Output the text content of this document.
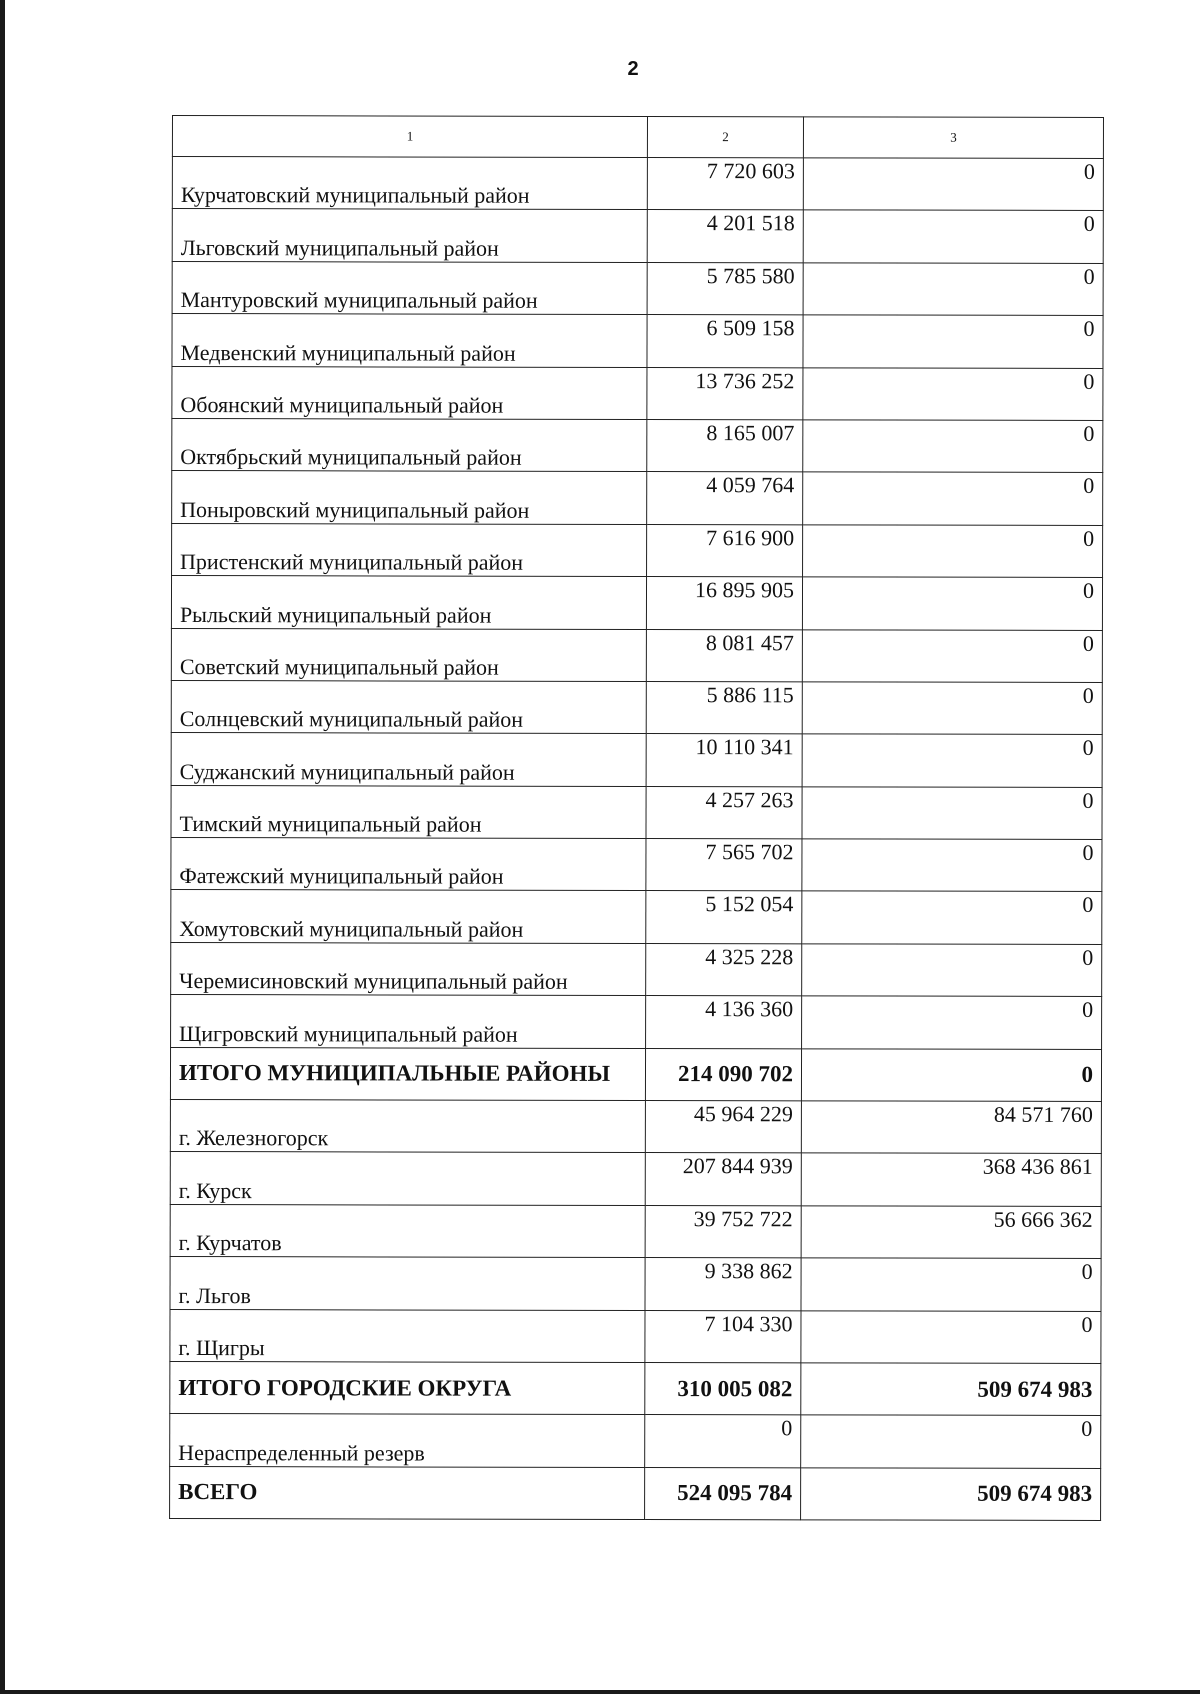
2
1	2	3
Курчатовский муниципальный район	7 720 603	0
Льговский муниципальный район	4 201 518	0
Мантуровский муниципальный район	5 785 580	0
Медвенский муниципальный район	6 509 158	0
Обоянский муниципальный район	13 736 252	0
Октябрьский муниципальный район	8 165 007	0
Поныровский муниципальный район	4 059 764	0
Пристенский муниципальный район	7 616 900	0
Рыльский муниципальный район	16 895 905	0
Советский муниципальный район	8 081 457	0
Солнцевский муниципальный район	5 886 115	0
Суджанский муниципальный район	10 110 341	0
Тимский муниципальный район	4 257 263	0
Фатежский муниципальный район	7 565 702	0
Хомутовский муниципальный район	5 152 054	0
Черемисиновский муниципальный район	4 325 228	0
Щигровский муниципальный район	4 136 360	0
ИТОГО МУНИЦИПАЛЬНЫЕ РАЙОНЫ	214 090 702	0
г. Железногорск	45 964 229	84 571 760
г. Курск	207 844 939	368 436 861
г. Курчатов	39 752 722	56 666 362
г. Льгов	9 338 862	0
г. Щигры	7 104 330	0
ИТОГО ГОРОДСКИЕ ОКРУГА	310 005 082	509 674 983
Нераспределенный резерв	0	0
ВСЕГО	524 095 784	509 674 983
